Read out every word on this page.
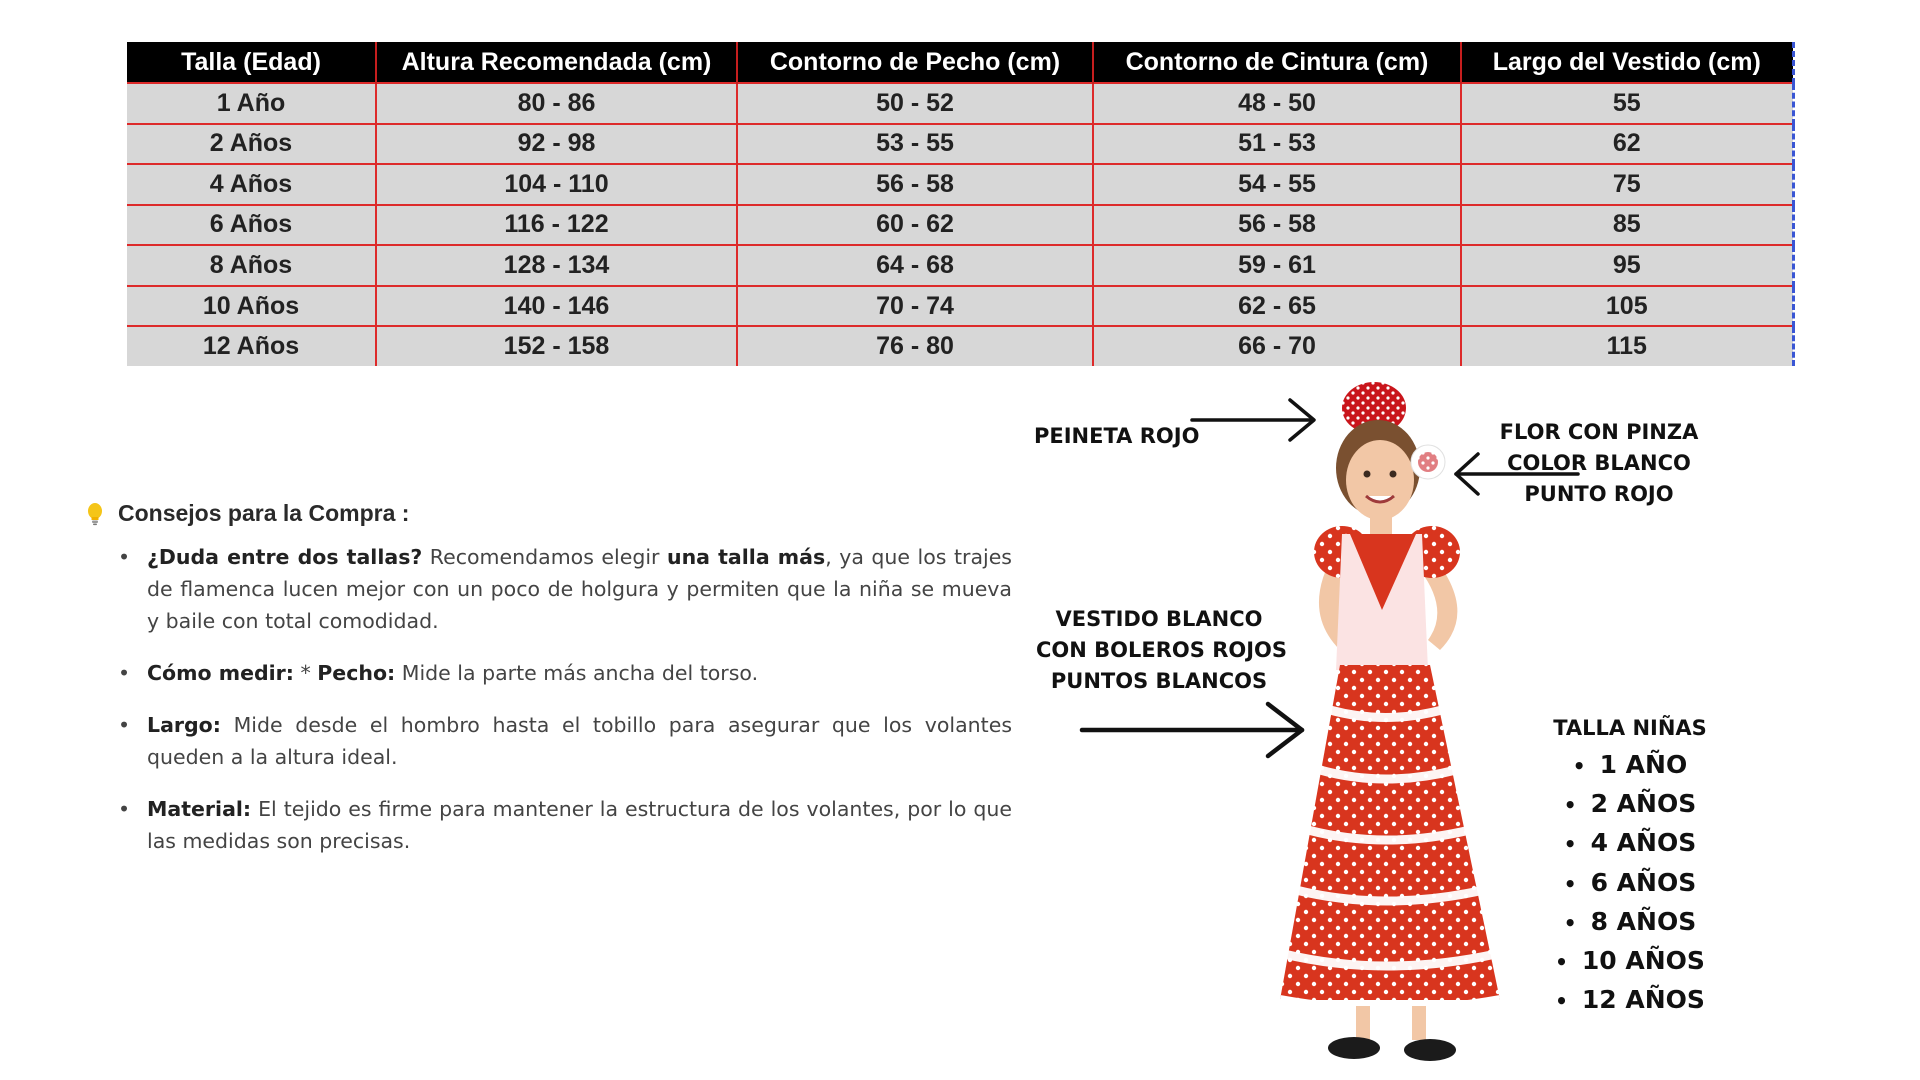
Talla (Edad)	Altura Recomendada (cm)	Contorno de Pecho (cm)	Contorno de Cintura (cm)	Largo del Vestido (cm)
1 Año	80 - 86	50 - 52	48 - 50	55
2 Años	92 - 98	53 - 55	51 - 53	62
4 Años	104 - 110	56 - 58	54 - 55	75
6 Años	116 - 122	60 - 62	56 - 58	85
8 Años	128 - 134	64 - 68	59 - 61	95
10 Años	140 - 146	70 - 74	62 - 65	105
12 Años	152 - 158	76 - 80	66 - 70	115
Consejos para la Compra :
• ¿Duda entre dos tallas? Recomendamos elegir una talla más, ya que los trajes de flamenca lucen mejor con un poco de holgura y permiten que la niña se mueva y baile con total comodidad.
• Cómo medir: * Pecho: Mide la parte más ancha del torso.
• Largo: Mide desde el hombro hasta el tobillo para asegurar que los volantes queden a la altura ideal.
• Material: El tejido es firme para mantener la estructura de los volantes, por lo que las medidas son precisas.
PEINETA ROJO	FLOR CON PINZA
COLOR BLANCO
PUNTO ROJO
VESTIDO BLANCO
CON BOLEROS ROJOS
PUNTOS BLANCOS
TALLA NIÑAS
• 1 AÑO
• 2 AÑOS
• 4 AÑOS
• 6 AÑOS
• 8 AÑOS
• 10 AÑOS
• 12 AÑOS
